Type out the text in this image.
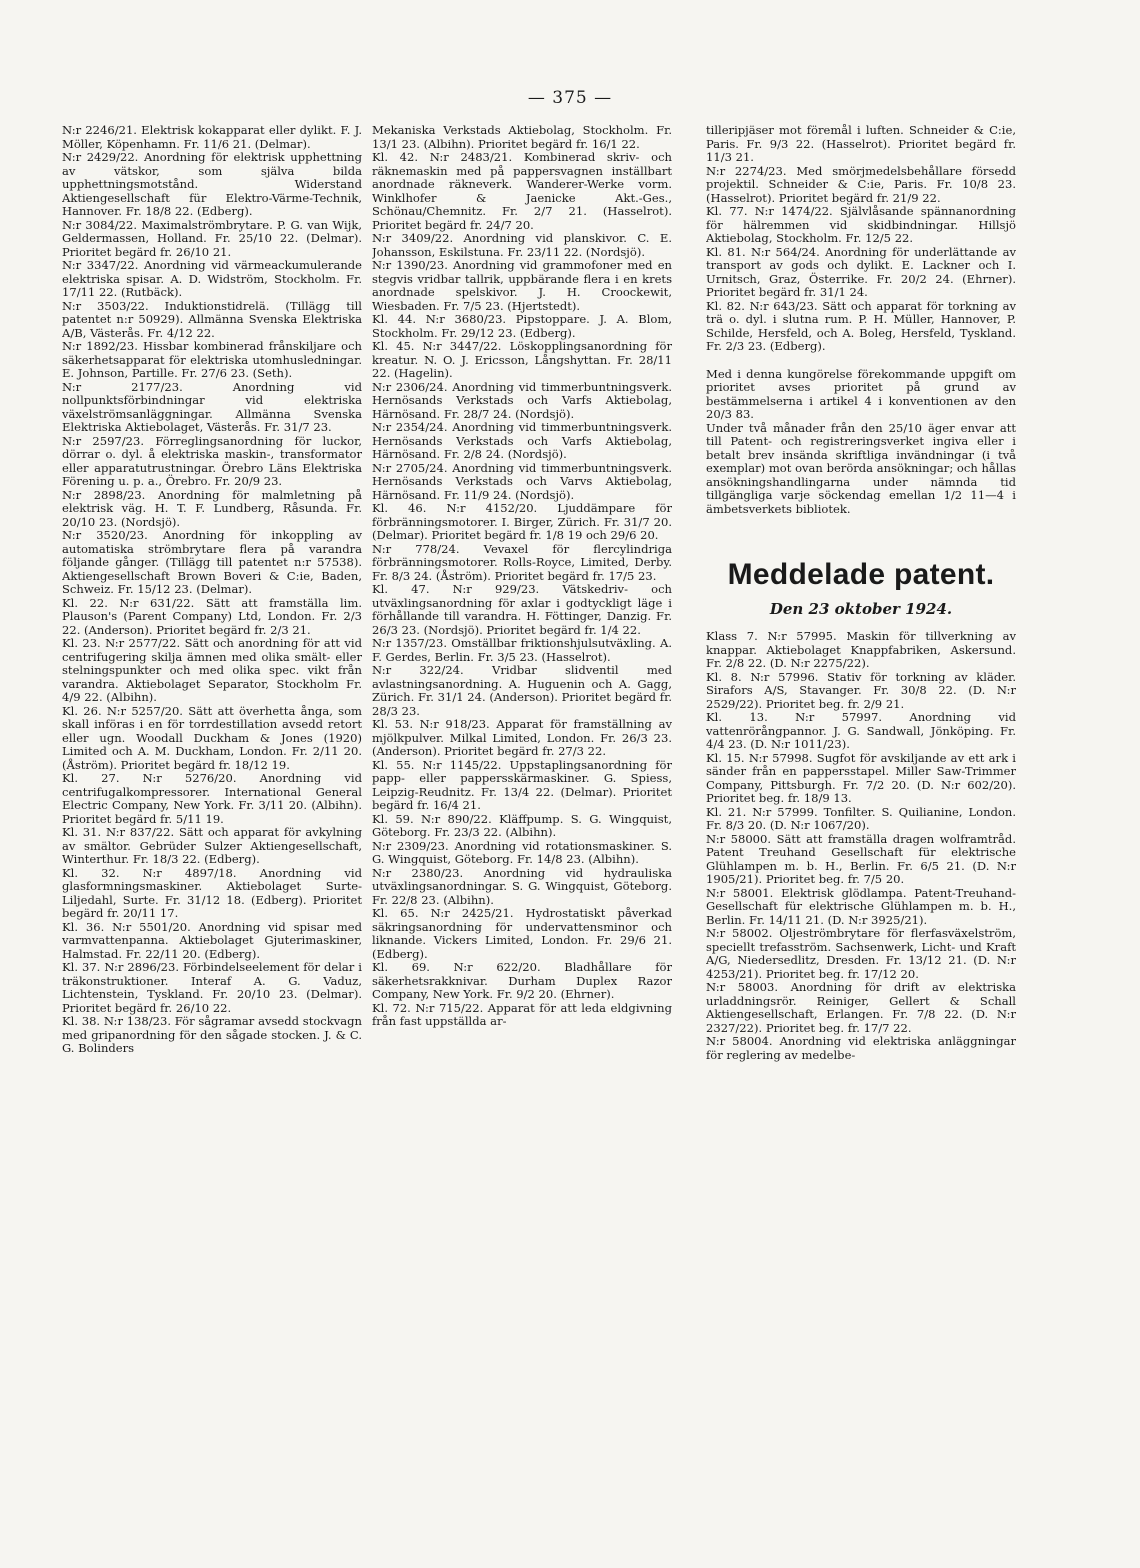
— 375 —

N:r 2246/21. Elektrisk kokapparat eller dylikt. F. J. Möller, Köpenhamn. Fr. 11/6 21. (Delmar).

N:r 2429/22. Anordning för elektrisk upphettning av vätskor, som själva bilda upphettningsmotstånd. Widerstand Aktiengesellschaft für Elektro-Värme-Technik, Hannover. Fr. 18/8 22. (Edberg).

N:r 3084/22. Maximalströmbrytare. P. G. van Wijk, Geldermassen, Holland. Fr. 25/10 22. (Delmar). Prioritet begärd fr. 26/10 21.

N:r 3347/22. Anordning vid värmeackumulerande elektriska spisar. A. D. Widström, Stockholm. Fr. 17/11 22. (Rutbäck).

N:r 3503/22. Induktionstidrelä. (Tillägg till patentet n:r 50929). Allmänna Svenska Elektriska A/B, Västerås. Fr. 4/12 22.

N:r 1892/23. Hissbar kombinerad frånskiljare och säkerhetsapparat för elektriska utomhusledningar. E. Johnson, Partille. Fr. 27/6 23. (Seth).

N:r 2177/23. Anordning vid nollpunktsförbindningar vid elektriska växelströmsanläggningar. Allmänna Svenska Elektriska Aktiebolaget, Västerås. Fr. 31/7 23.

N:r 2597/23. Förreglingsanordning för luckor, dörrar o. dyl. å elektriska maskin-, transformator eller apparatutrustningar. Örebro Läns Elektriska Förening u. p. a., Örebro. Fr. 20/9 23.

N:r 2898/23. Anordning för malmletning på elektrisk väg. H. T. F. Lundberg, Råsunda. Fr. 20/10 23. (Nordsjö).

N:r 3520/23. Anordning för inkoppling av automatiska strömbrytare flera på varandra följande gånger. (Tillägg till patentet n:r 57538). Aktiengesellschaft Brown Boveri & C:ie, Baden, Schweiz. Fr. 15/12 23. (Delmar).

Kl. 22. N:r 631/22. Sätt att framställa lim. Plauson's (Parent Company) Ltd, London. Fr. 2/3 22. (Anderson). Prioritet begärd fr. 2/3 21.

Kl. 23. N:r 2577/22. Sätt och anordning för att vid centrifugering skilja ämnen med olika smält- eller stelningspunkter och med olika spec. vikt från varandra. Aktiebolaget Separator, Stockholm Fr. 4/9 22. (Albihn).

Kl. 26. N:r 5257/20. Sätt att överhetta ånga, som skall införas i en för torrdestillation avsedd retort eller ugn. Woodall Duckham & Jones (1920) Limited och A. M. Duckham, London. Fr. 2/11 20. (Åström). Prioritet begärd fr. 18/12 19.

Kl. 27. N:r 5276/20. Anordning vid centrifugalkompressorer. International General Electric Company, New York. Fr. 3/11 20. (Albihn). Prioritet begärd fr. 5/11 19.

Kl. 31. N:r 837/22. Sätt och apparat för avkylning av smältor. Gebrüder Sulzer Aktiengesellschaft, Winterthur. Fr. 18/3 22. (Edberg).

Kl. 32. N:r 4897/18. Anordning vid glasformningsmaskiner. Aktiebolaget Surte-Liljedahl, Surte. Fr. 31/12 18. (Edberg). Prioritet begärd fr. 20/11 17.

Kl. 36. N:r 5501/20. Anordning vid spisar med varmvattenpanna. Aktiebolaget Gjuterimaskiner, Halmstad. Fr. 22/11 20. (Edberg).

Kl. 37. N:r 2896/23. Förbindelseelement för delar i träkonstruktioner. Interaf A. G. Vaduz, Lichtenstein, Tyskland. Fr. 20/10 23. (Delmar). Prioritet begärd fr. 26/10 22.

Kl. 38. N:r 138/23. För sågramar avsedd stockvagn med gripanordning för den sågade stocken. J. & C. G. Bolinders

Mekaniska Verkstads Aktiebolag, Stockholm. Fr. 13/1 23. (Albihn). Prioritet begärd fr. 16/1 22.

Kl. 42. N:r 2483/21. Kombinerad skriv- och räknemaskin med på pappersvagnen inställbart anordnade räkneverk. Wanderer-Werke vorm. Winklhofer & Jaenicke Akt.-Ges., Schönau/Chemnitz. Fr. 2/7 21. (Hasselrot). Prioritet begärd fr. 24/7 20.

N:r 3409/22. Anordning vid planskivor. C. E. Johansson, Eskilstuna. Fr. 23/11 22. (Nordsjö).

N:r 1390/23. Anordning vid grammofoner med en stegvis vridbar tallrik, uppbärande flera i en krets anordnade spelskivor. J. H. Croockewit, Wiesbaden. Fr. 7/5 23. (Hjertstedt).

Kl. 44. N:r 3680/23. Pipstoppare. J. A. Blom, Stockholm. Fr. 29/12 23. (Edberg).

Kl. 45. N:r 3447/22. Löskopplingsanordning för kreatur. N. O. J. Ericsson, Långshyttan. Fr. 28/11 22. (Hagelin).

N:r 2306/24. Anordning vid timmerbuntningsverk. Hernösands Verkstads och Varfs Aktiebolag, Härnösand. Fr. 28/7 24. (Nordsjö).

N:r 2354/24. Anordning vid timmerbuntningsverk. Hernösands Verkstads och Varfs Aktiebolag, Härnösand. Fr. 2/8 24. (Nordsjö).

N:r 2705/24. Anordning vid timmerbuntningsverk. Hernösands Verkstads och Varvs Aktiebolag, Härnösand. Fr. 11/9 24. (Nordsjö).

Kl. 46. N:r 4152/20. Ljuddämpare för förbränningsmotorer. I. Birger, Zürich. Fr. 31/7 20. (Delmar). Prioritet begärd fr. 1/8 19 och 29/6 20.

N:r 778/24. Vevaxel för flercylindriga förbränningsmotorer. Rolls-Royce, Limited, Derby. Fr. 8/3 24. (Åström). Prioritet begärd fr. 17/5 23.

Kl. 47. N:r 929/23. Vätskedriv- och utväxlingsanordning för axlar i godtyckligt läge i förhållande till varandra. H. Föttinger, Danzig. Fr. 26/3 23. (Nordsjö). Prioritet begärd fr. 1/4 22.

N:r 1357/23. Omställbar friktionshjulsutväxling. A. F. Gerdes, Berlin. Fr. 3/5 23. (Hasselrot).

N:r 322/24. Vridbar slidventil med avlastningsanordning. A. Huguenin och A. Gagg, Zürich. Fr. 31/1 24. (Anderson). Prioritet begärd fr. 28/3 23.

Kl. 53. N:r 918/23. Apparat för framställning av mjölkpulver. Milkal Limited, London. Fr. 26/3 23. (Anderson). Prioritet begärd fr. 27/3 22.

Kl. 55. N:r 1145/22. Uppstaplingsanordning för papp- eller pappersskärmaskiner. G. Spiess, Leipzig-Reudnitz. Fr. 13/4 22. (Delmar). Prioritet begärd fr. 16/4 21.

Kl. 59. N:r 890/22. Kläffpump. S. G. Wingquist, Göteborg. Fr. 23/3 22. (Albihn).

N:r 2309/23. Anordning vid rotationsmaskiner. S. G. Wingquist, Göteborg. Fr. 14/8 23. (Albihn).

N:r 2380/23. Anordning vid hydrauliska utväxlingsanordningar. S. G. Wingquist, Göteborg. Fr. 22/8 23. (Albihn).

Kl. 65. N:r 2425/21. Hydrostatiskt påverkad säkringsanordning för undervattensminor och liknande. Vickers Limited, London. Fr. 29/6 21. (Edberg).

Kl. 69. N:r 622/20. Bladhållare för säkerhetsrakknivar. Durham Duplex Razor Company, New York. Fr. 9/2 20. (Ehrner).

Kl. 72. N:r 715/22. Apparat för att leda eldgivning från fast uppställda ar-

tilleripjäser mot föremål i luften. Schneider & C:ie, Paris. Fr. 9/3 22. (Hasselrot). Prioritet begärd fr. 11/3 21.

N:r 2274/23. Med smörjmedelsbehållare försedd projektil. Schneider & C:ie, Paris. Fr. 10/8 23. (Hasselrot). Prioritet begärd fr. 21/9 22.

Kl. 77. N:r 1474/22. Självlåsande spännanordning för hälremmen vid skidbindningar. Hillsjö Aktiebolag, Stockholm. Fr. 12/5 22.

Kl. 81. N:r 564/24. Anordning för underlättande av transport av gods och dylikt. E. Lackner och I. Urnitsch, Graz, Österrike. Fr. 20/2 24. (Ehrner). Prioritet begärd fr. 31/1 24.

Kl. 82. N:r 643/23. Sätt och apparat för torkning av trä o. dyl. i slutna rum. P. H. Müller, Hannover, P. Schilde, Hersfeld, och A. Boleg, Hersfeld, Tyskland. Fr. 2/3 23. (Edberg).

Med i denna kungörelse förekommande uppgift om prioritet avses prioritet på grund av bestämmelserna i artikel 4 i konventionen av den 20/3 83.

Under två månader från den 25/10 äger envar att till Patent- och registreringsverket ingiva eller i betalt brev insända skriftliga invändningar (i två exemplar) mot ovan berörda ansökningar; och hållas ansökningshandlingarna under nämnda tid tillgängliga varje söckendag emellan 1/2 11—4 i ämbetsverkets bibliotek.

Meddelade patent.
Den 23 oktober 1924.

Klass 7. N:r 57995. Maskin för tillverkning av knappar. Aktiebolaget Knappfabriken, Askersund. Fr. 2/8 22. (D. N:r 2275/22).

Kl. 8. N:r 57996. Stativ för torkning av kläder. Sirafors A/S, Stavanger. Fr. 30/8 22. (D. N:r 2529/22). Prioritet beg. fr. 2/9 21.

Kl. 13. N:r 57997. Anordning vid vattenrörångpannor. J. G. Sandwall, Jönköping. Fr. 4/4 23. (D. N:r 1011/23).

Kl. 15. N:r 57998. Sugfot för avskiljande av ett ark i sänder från en pappersstapel. Miller Saw-Trimmer Company, Pittsburgh. Fr. 7/2 20. (D. N:r 602/20). Prioritet beg. fr. 18/9 13.

Kl. 21. N:r 57999. Tonfilter. S. Quilianine, London. Fr. 8/3 20. (D. N:r 1067/20).

N:r 58000. Sätt att framställa dragen wolframtråd. Patent Treuhand Gesellschaft für elektrische Glühlampen m. b. H., Berlin. Fr. 6/5 21. (D. N:r 1905/21). Prioritet beg. fr. 7/5 20.

N:r 58001. Elektrisk glödlampa. Patent-Treuhand-Gesellschaft für elektrische Glühlampen m. b. H., Berlin. Fr. 14/11 21. (D. N:r 3925/21).

N:r 58002. Oljeströmbrytare för flerfasväxelström, speciellt trefasström. Sachsenwerk, Licht- und Kraft A/G, Niedersedlitz, Dresden. Fr. 13/12 21. (D. N:r 4253/21). Prioritet beg. fr. 17/12 20.

N:r 58003. Anordning för drift av elektriska urladdningsrör. Reiniger, Gellert & Schall Aktiengesellschaft, Erlangen. Fr. 7/8 22. (D. N:r 2327/22). Prioritet beg. fr. 17/7 22.

N:r 58004. Anordning vid elektriska anläggningar för reglering av medelbe-
